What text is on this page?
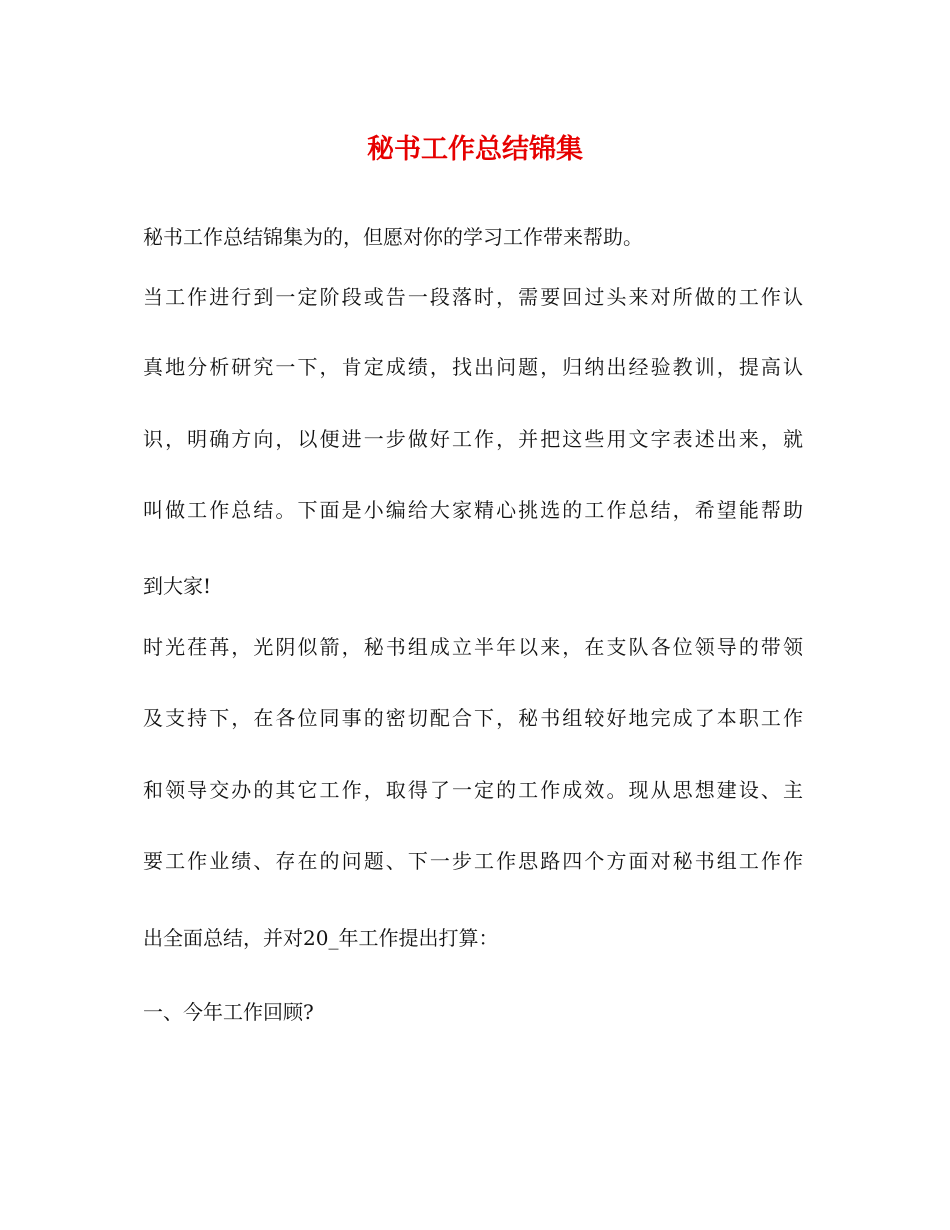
秘书工作总结锦集

秘书工作总结锦集为的，但愿对你的学习工作带来帮助。

当工作进行到一定阶段或告一段落时，需要回过头来对所做的工作认

真地分析研究一下，肯定成绩，找出问题，归纳出经验教训，提高认

识，明确方向，以便进一步做好工作，并把这些用文字表述出来，就

叫做工作总结。下面是小编给大家精心挑选的工作总结，希望能帮助

到大家!

时光荏苒，光阴似箭，秘书组成立半年以来，在支队各位领导的带领

及支持下，在各位同事的密切配合下，秘书组较好地完成了本职工作

和领导交办的其它工作，取得了一定的工作成效。现从思想建设、主

要工作业绩、存在的问题、下一步工作思路四个方面对秘书组工作作

出全面总结，并对20_年工作提出打算：

一、今年工作回顾?
